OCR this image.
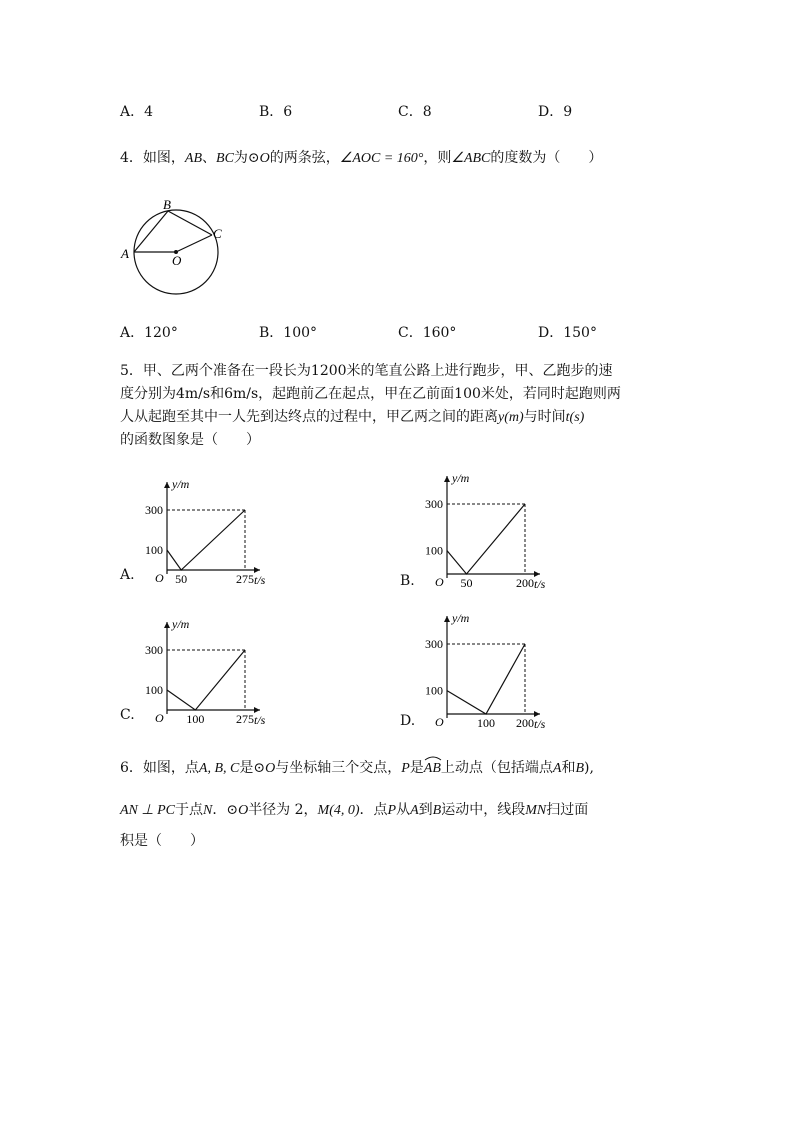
A．4	B．6	C．8	D．9
4．如图，AB、BC为⊙O的两条弦，∠AOC = 160°，则∠ABC的度数为（　　）
A
B
C
O
A．120°	B．100°	C．160°	D．150°
5．甲、乙两个准备在一段长为1200米的笔直公路上进行跑步，甲、乙跑步的速
度分别为4m/s和6m/s，起跑前乙在起点，甲在乙前面100米处，若同时起跑则两
人从起跑至其中一人先到达终点的过程中，甲乙两之间的距离y(m)与时间t(s)
的函数图象是（　　）
A.	B.
C.	D.
y/m
t/s
O
100
300
50	275
y/m
t/s
O
100
300
50	200
y/m
t/s
O
100
300
100	275
y/m
t/s
O
100
300
100 200
6．如图，点A, B, C是⊙O与坐标轴三个交点，P是
AB上动点（包括端点A和B),
AN ⊥ PC于点N．⊙O半径为 2，M(4, 0)．点P从A到B运动中，线段MN扫过面
积是（　　）
